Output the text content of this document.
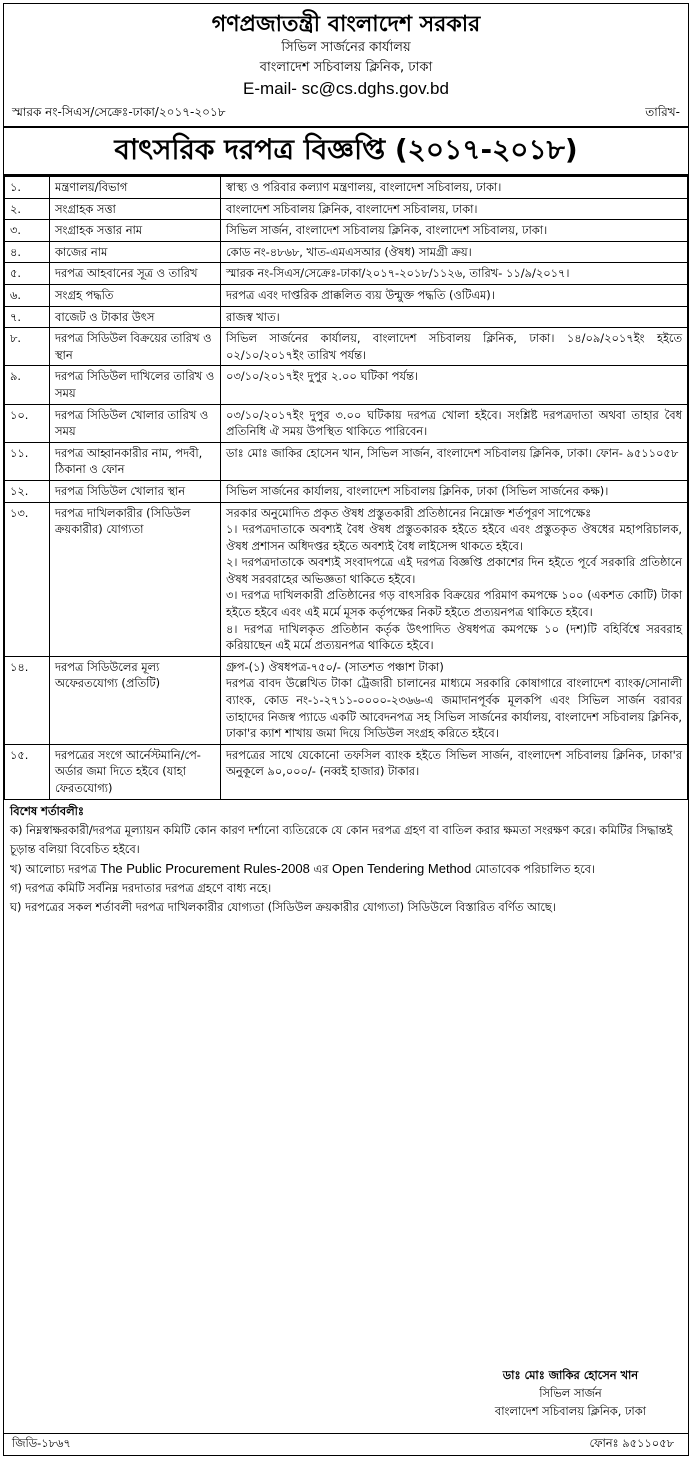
গণপ্রজাতন্ত্রী বাংলাদেশ সরকার
সিভিল সার্জনের কার্যালয়
বাংলাদেশ সচিবালয় ক্লিনিক, ঢাকা
E-mail- sc@cs.dghs.gov.bd
স্মারক নং-সিএস/সেক্রেঃ-ঢাকা/২০১৭-২০১৮	তারিখ-
বাৎসরিক দরপত্র বিজ্ঞপ্তি (২০১৭-২০১৮)
১.	মন্ত্রণালয়/বিভাগ	স্বাস্থ্য ও পরিবার কল্যাণ মন্ত্রণালয়, বাংলাদেশ সচিবালয়, ঢাকা।
২.	সংগ্রাহক সত্তা	বাংলাদেশ সচিবালয় ক্লিনিক, বাংলাদেশ সচিবালয়, ঢাকা।
৩.	সংগ্রাহক সত্তার নাম	সিভিল সার্জন, বাংলাদেশ সচিবালয় ক্লিনিক, বাংলাদেশ সচিবালয়, ঢাকা।
৪.	কাজের নাম	কোড নং-৪৮৬৮, খাত-এমএসআর (ঔষধ) সামগ্রী ক্রয়।
৫.	দরপত্র আহবানের সূত্র ও তারিখ	স্মারক নং-সিএস/সেক্রেঃ-ঢাকা/২০১৭-২০১৮/১১২৬, তারিখ- ১১/৯/২০১৭।
৬.	সংগ্রহ পদ্ধতি	দরপত্র এবং দাপ্তরিক প্রাক্কলিত ব্যয় উন্মুক্ত পদ্ধতি (ওটিএম)।
৭.	বাজেট ও টাকার উৎস	রাজস্ব খাত।
৮.	দরপত্র সিডিউল বিক্রয়ের তারিখ ও স্থান	সিভিল সার্জনের কার্যালয়, বাংলাদেশ সচিবালয় ক্লিনিক, ঢাকা। ১৪/০৯/২০১৭ইং হইতে ০২/১০/২০১৭ইং তারিখ পর্যন্ত।
৯.	দরপত্র সিডিউল দাখিলের তারিখ ও সময়	০৩/১০/২০১৭ইং দুপুর ২.০০ ঘটিকা পর্যন্ত।
১০.	দরপত্র সিডিউল খোলার তারিখ ও সময়	০৩/১০/২০১৭ইং দুপুর ৩.০০ ঘটিকায় দরপত্র খোলা হইবে। সংশ্লিষ্ট দরপত্রদাতা অথবা তাহার বৈধ প্রতিনিধি ঐ সময় উপস্থিত থাকিতে পারিবেন।
১১.	দরপত্র আহ্বানকারীর নাম, পদবী, ঠিকানা ও ফোন	ডাঃ মোঃ জাকির হোসেন খান, সিভিল সার্জন, বাংলাদেশ সচিবালয় ক্লিনিক, ঢাকা। ফোন- ৯৫১১০৫৮
১২.	দরপত্র সিডিউল খোলার স্থান	সিভিল সার্জনের কার্যালয়, বাংলাদেশ সচিবালয় ক্লিনিক, ঢাকা (সিভিল সার্জনের কক্ষ)।
১৩.	দরপত্র দাখিলকারীর (সিডিউল ক্রয়কারীর) যোগ্যতা	সরকার অনুমোদিত প্রকৃত ঔষধ প্রস্তুতকারী প্রতিষ্ঠানের নিম্নোক্ত শর্তপূরণ সাপেক্ষেঃ
১। দরপত্রদাতাকে অবশ্যই বৈধ ঔষধ প্রস্তুতকারক হইতে হইবে এবং প্রস্তুতকৃত ঔষধের মহাপরিচালক, ঔষধ প্রশাসন অধিদপ্তর হইতে অবশ্যই বৈধ লাইসেন্স থাকতে হইবে।
২। দরপত্রদাতাকে অবশ্যই সংবাদপত্রে এই দরপত্র বিজ্ঞপ্তি প্রকাশের দিন হইতে পূর্বে সরকারি প্রতিষ্ঠানে ঔষধ সরবরাহের অভিজ্ঞতা থাকিতে হইবে।
৩। দরপত্র দাখিলকারী প্রতিষ্ঠানের গড় বাৎসরিক বিক্রয়ের পরিমাণ কমপক্ষে ১০০ (একশত কোটি) টাকা হইতে হইবে এবং এই মর্মে মূসক কর্তৃপক্ষের নিকট হইতে প্রত্যয়নপত্র থাকিতে হইবে।
৪। দরপত্র দাখিলকৃত প্রতিষ্ঠান কর্তৃক উৎপাদিত ঔষধপত্র কমপক্ষে ১০ (দশ)টি বহির্বিশ্বে সরবরাহ করিয়াছেন এই মর্মে প্রত্যয়নপত্র থাকিতে হইবে।

১৪.	দরপত্র সিডিউলের মূল্য অফেরতযোগ্য (প্রতিটি)	গ্রুপ-(১) ঔষধপত্র-৭৫০/- (সাতশত পঞ্চাশ টাকা)
দরপত্র বাবদ উল্লেখিত টাকা ট্রেজারী চালানের মাধ্যমে সরকারি কোষাগারে বাংলাদেশ ব্যাংক/সোনালী ব্যাংক, কোড নং-১-২৭১১-০০০০-২৩৬৬-এ জমাদানপূর্বক মূলকপি এবং সিভিল সার্জন বরাবর তাহাদের নিজস্ব প্যাডে একটি আবেদনপত্র সহ সিভিল সার্জনের কার্যালয়, বাংলাদেশ সচিবালয় ক্লিনিক, ঢাকা'র ক্যাশ শাখায় জমা দিয়ে সিডিউল সংগ্রহ করিতে হইবে।

১৫.	দরপত্রের সংগে আর্নেস্টমানি/পে-অর্ডার জমা দিতে হইবে (যাহা ফেরতযোগ্য)	দরপত্রের সাথে যেকোনো তফসিল ব্যাংক হইতে সিভিল সার্জন, বাংলাদেশ সচিবালয় ক্লিনিক, ঢাকা'র অনুকূলে ৯০,০০০/- (নব্বই হাজার) টাকার।
বিশেষ শর্তাবলীঃ
ক) নিম্নস্বাক্ষরকারী/দরপত্র মূল্যায়ন কমিটি কোন কারণ দর্শানো ব্যতিরেকে যে কোন দরপত্র গ্রহণ বা বাতিল করার ক্ষমতা সংরক্ষণ করে। কমিটির সিদ্ধান্তই চূড়ান্ত বলিয়া বিবেচিত হইবে।
খ) আলোচ্য দরপত্র The Public Procurement Rules-2008 এর Open Tendering Method মোতাবেক পরিচালিত হবে।
গ) দরপত্র কমিটি সর্বনিম্ন দরদাতার দরপত্র গ্রহণে বাধ্য নহে।
ঘ) দরপত্রের সকল শর্তাবলী দরপত্র দাখিলকারীর যোগ্যতা (সিডিউল ক্রয়কারীর যোগ্যতা) সিডিউলে বিস্তারিত বর্ণিত আছে।
ডাঃ মোঃ জাকির হোসেন খান
সিভিল সার্জন
বাংলাদেশ সচিবালয় ক্লিনিক, ঢাকা
জিডি-১৮৬৭	ফোনঃ ৯৫১১০৫৮
